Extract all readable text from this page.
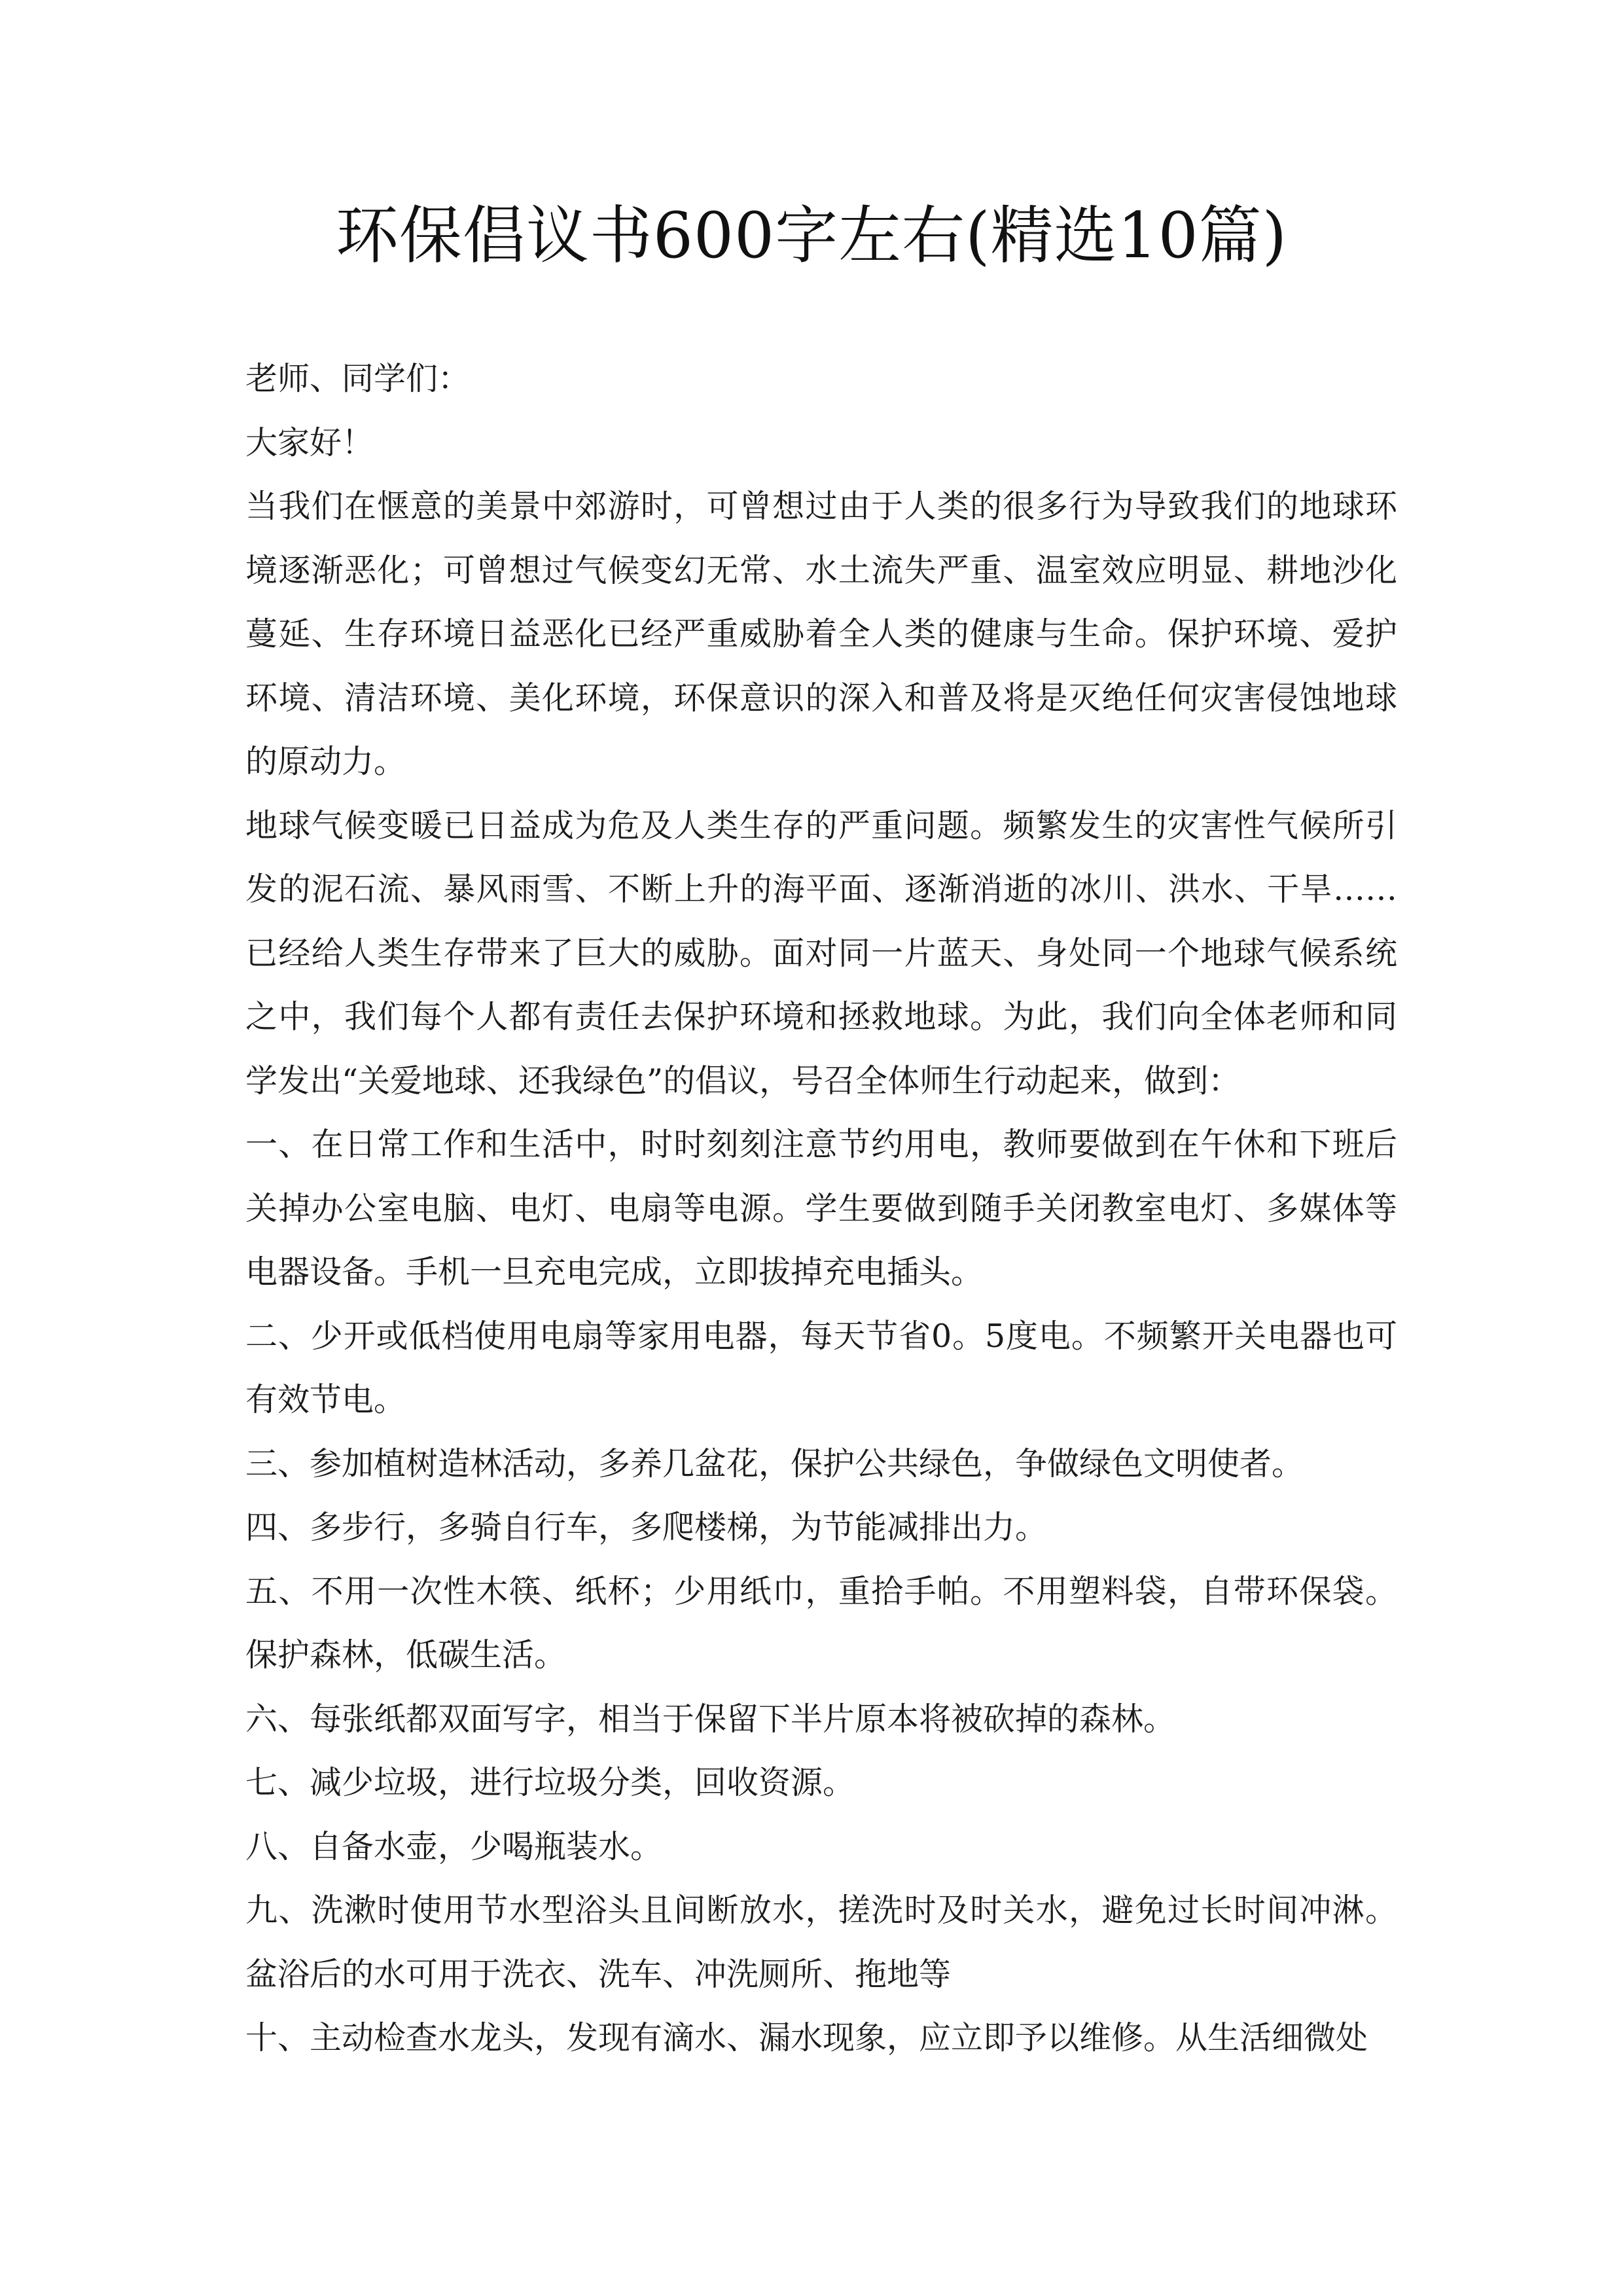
环保倡议书600字左右(精选10篇)

老师、同学们：

大家好！

当我们在惬意的美景中郊游时，可曾想过由于人类的很多行为导致我们的地球环境逐渐恶化；可曾想过气候变幻无常、水土流失严重、温室效应明显、耕地沙化蔓延、生存环境日益恶化已经严重威胁着全人类的健康与生命。保护环境、爱护环境、清洁环境、美化环境，环保意识的深入和普及将是灭绝任何灾害侵蚀地球的原动力。

地球气候变暖已日益成为危及人类生存的严重问题。频繁发生的灾害性气候所引发的泥石流、暴风雨雪、不断上升的海平面、逐渐消逝的冰川、洪水、干旱……已经给人类生存带来了巨大的威胁。面对同一片蓝天、身处同一个地球气候系统之中，我们每个人都有责任去保护环境和拯救地球。为此，我们向全体老师和同学发出“关爱地球、还我绿色”的倡议，号召全体师生行动起来，做到：

一、在日常工作和生活中，时时刻刻注意节约用电，教师要做到在午休和下班后关掉办公室电脑、电灯、电扇等电源。学生要做到随手关闭教室电灯、多媒体等电器设备。手机一旦充电完成，立即拔掉充电插头。

二、少开或低档使用电扇等家用电器，每天节省0。5度电。不频繁开关电器也可有效节电。

三、参加植树造林活动，多养几盆花，保护公共绿色，争做绿色文明使者。

四、多步行，多骑自行车，多爬楼梯，为节能减排出力。

五、不用一次性木筷、纸杯；少用纸巾，重拾手帕。不用塑料袋，自带环保袋。保护森林，低碳生活。

六、每张纸都双面写字，相当于保留下半片原本将被砍掉的森林。

七、减少垃圾，进行垃圾分类，回收资源。

八、自备水壶，少喝瓶装水。

九、洗漱时使用节水型浴头且间断放水，搓洗时及时关水，避免过长时间冲淋。盆浴后的水可用于洗衣、洗车、冲洗厕所、拖地等

十、主动检查水龙头，发现有滴水、漏水现象，应立即予以维修。从生活细微处
